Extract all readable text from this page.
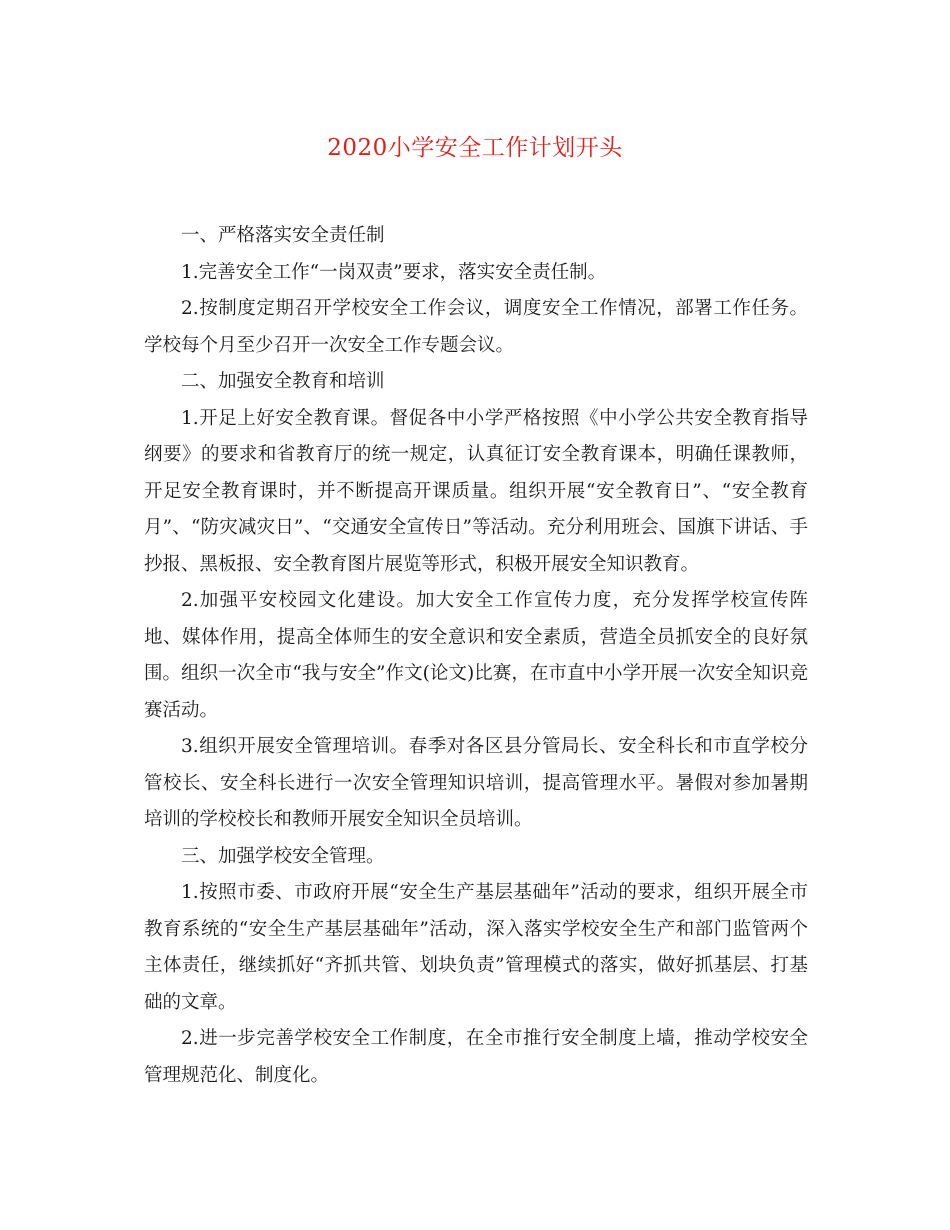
2020小学安全工作计划开头

一、严格落实安全责任制

1.完善安全工作“一岗双责”要求，落实安全责任制。

2.按制度定期召开学校安全工作会议，调度安全工作情况，部署工作任务。学校每个月至少召开一次安全工作专题会议。

二、加强安全教育和培训

1.开足上好安全教育课。督促各中小学严格按照《中小学公共安全教育指导纲要》的要求和省教育厅的统一规定，认真征订安全教育课本，明确任课教师，开足安全教育课时，并不断提高开课质量。组织开展“安全教育日”、“安全教育月”、“防灾减灾日”、“交通安全宣传日”等活动。充分利用班会、国旗下讲话、手抄报、黑板报、安全教育图片展览等形式，积极开展安全知识教育。

2.加强平安校园文化建设。加大安全工作宣传力度，充分发挥学校宣传阵地、媒体作用，提高全体师生的安全意识和安全素质，营造全员抓安全的良好氛围。组织一次全市“我与安全”作文(论文)比赛，在市直中小学开展一次安全知识竞赛活动。

3.组织开展安全管理培训。春季对各区县分管局长、安全科长和市直学校分管校长、安全科长进行一次安全管理知识培训，提高管理水平。暑假对参加暑期培训的学校校长和教师开展安全知识全员培训。

三、加强学校安全管理。

1.按照市委、市政府开展“安全生产基层基础年”活动的要求，组织开展全市教育系统的“安全生产基层基础年”活动，深入落实学校安全生产和部门监管两个主体责任，继续抓好“齐抓共管、划块负责”管理模式的落实，做好抓基层、打基础的文章。

2.进一步完善学校安全工作制度，在全市推行安全制度上墙，推动学校安全管理规范化、制度化。
